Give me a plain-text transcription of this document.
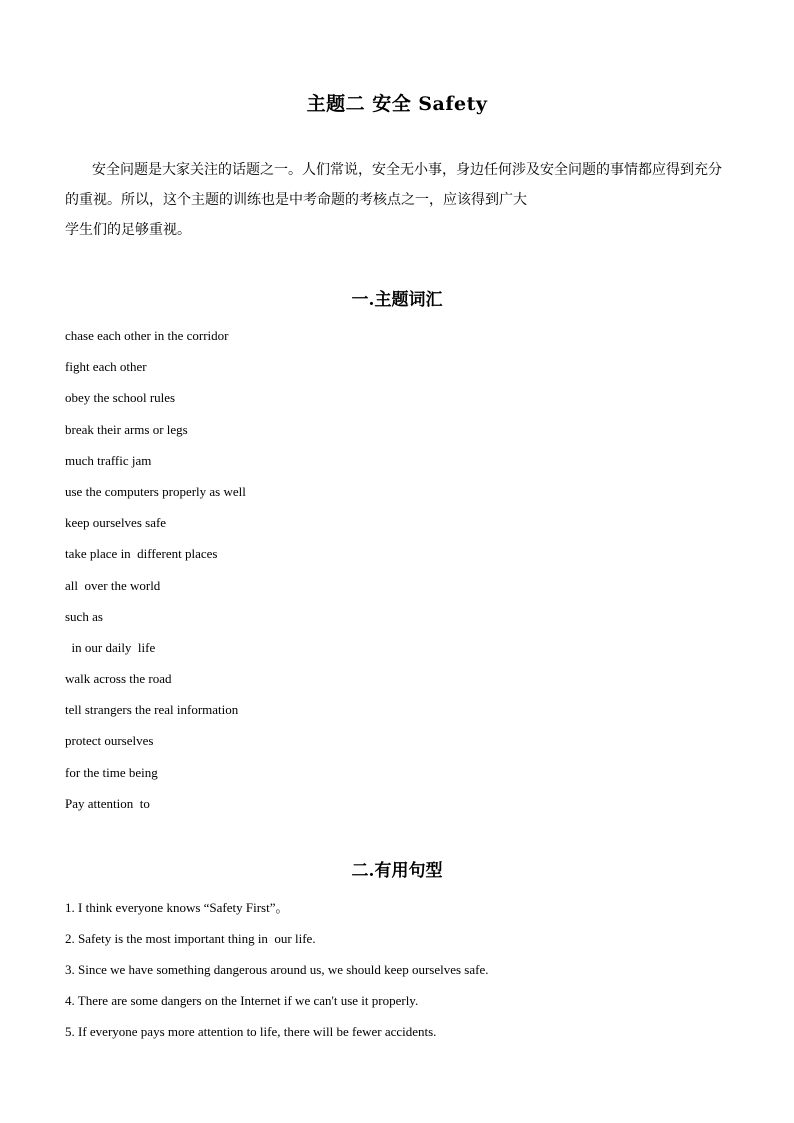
主题二 安全 Safety

安全问题是大家关注的话题之一。人们常说，安全无小事，身边任何涉及安全问题的事情都应得到充分

的重视。所以，这个主题的训练也是中考命题的考核点之一，应该得到广大

学生们的足够重视。

一.主题词汇
chase each other in the corridor
fight each other
obey the school rules
break their arms or legs
much traffic jam
use the computers properly as well
keep ourselves safe
take place in  different places
all  over the world
such as
in our daily  life
walk across the road
tell strangers the real information
protect ourselves
for the time being
Pay attention  to
二.有用句型
1. I think everyone knows “Safety First”。
2. Safety is the most important thing in  our life.
3. Since we have something dangerous around us, we should keep ourselves safe.
4. There are some dangers on the Internet if we can't use it properly.
5. If everyone pays more attention to life, there will be fewer accidents.
